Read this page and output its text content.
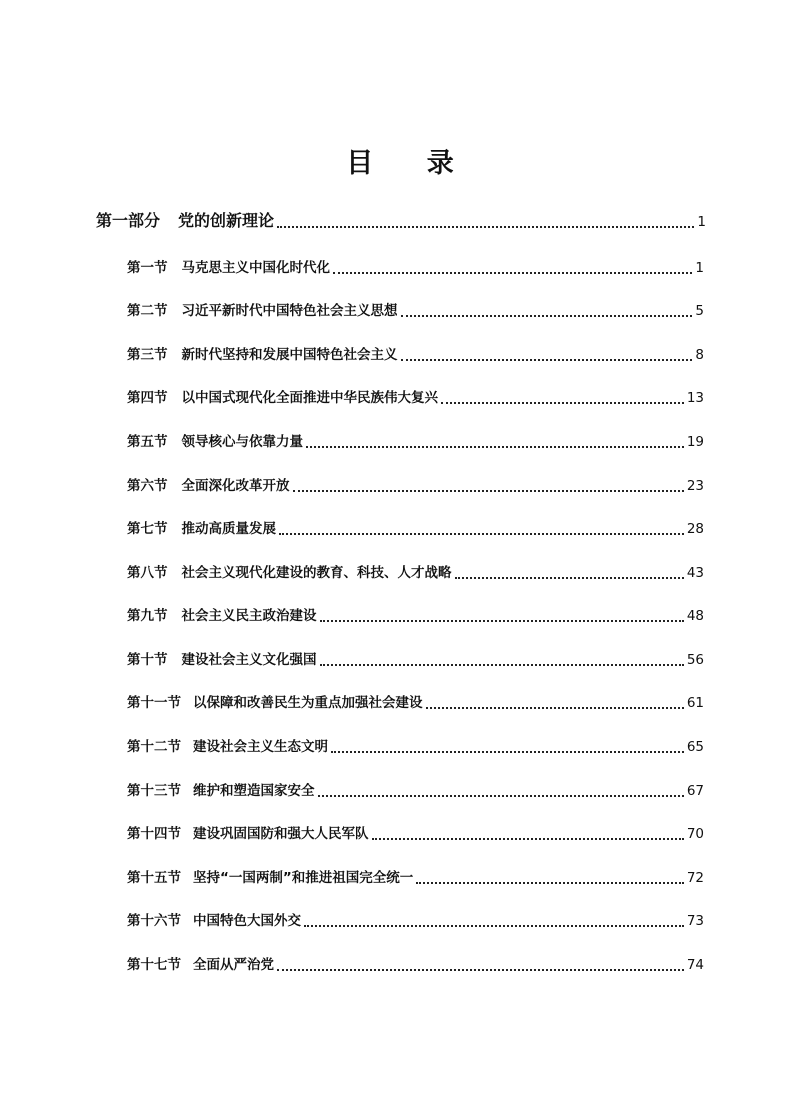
目 录
第一部分 党的创新理论	1
第一节 马克思主义中国化时代化	1
第二节 习近平新时代中国特色社会主义思想	5
第三节 新时代坚持和发展中国特色社会主义	8
第四节 以中国式现代化全面推进中华民族伟大复兴	13
第五节 领导核心与依靠力量	19
第六节 全面深化改革开放	23
第七节 推动高质量发展	28
第八节 社会主义现代化建设的教育、科技、人才战略	43
第九节 社会主义民主政治建设	48
第十节 建设社会主义文化强国	56
第十一节 以保障和改善民生为重点加强社会建设	61
第十二节 建设社会主义生态文明	65
第十三节 维护和塑造国家安全	67
第十四节 建设巩固国防和强大人民军队	70
第十五节 坚持“一国两制”和推进祖国完全统一	72
第十六节 中国特色大国外交	73
第十七节 全面从严治党	74
